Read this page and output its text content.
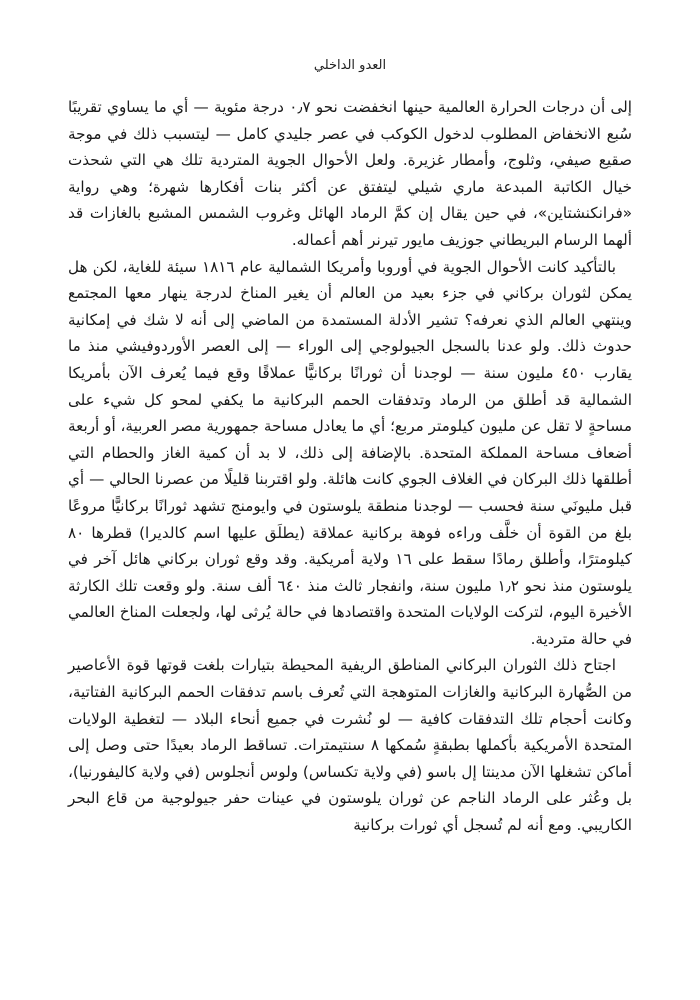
العدو الداخلي

إلى أن درجات الحرارة العالمية حينها انخفضت نحو ٠٫٧ درجة مئوية — أي ما يساوي تقريبًا سُبع الانخفاض المطلوب لدخول الكوكب في عصر جليدي كامل — ليتسبب ذلك في موجة صقيع صيفي، وثلوج، وأمطار غزيرة. ولعل الأحوال الجوية المتردية تلك هي التي شحذت خيال الكاتبة المبدعة ماري شيلي ليتفتق عن أكثر بنات أفكارها شهرة؛ وهي رواية «فرانكنشتاين»، في حين يقال إن كمَّ الرماد الهائل وغروب الشمس المشبع بالغازات قد ألهما الرسام البريطاني جوزيف مايور تيرنر أهم أعماله.

بالتأكيد كانت الأحوال الجوية في أوروبا وأمريكا الشمالية عام ١٨١٦ سيئة للغاية، لكن هل يمكن لثوران بركاني في جزء بعيد من العالم أن يغير المناخ لدرجة ينهار معها المجتمع وينتهي العالم الذي نعرفه؟ تشير الأدلة المستمدة من الماضي إلى أنه لا شك في إمكانية حدوث ذلك. ولو عدنا بالسجل الجيولوجي إلى الوراء — إلى العصر الأوردوفيشي منذ ما يقارب ٤٥٠ مليون سنة — لوجدنا أن ثورانًا بركانيًّا عملاقًا وقع فيما يُعرف الآن بأمريكا الشمالية قد أطلق من الرماد وتدفقات الحمم البركانية ما يكفي لمحو كل شيء على مساحةٍ لا تقل عن مليون كيلومتر مربع؛ أي ما يعادل مساحة جمهورية مصر العربية، أو أربعة أضعاف مساحة المملكة المتحدة. بالإضافة إلى ذلك، لا بد أن كمية الغاز والحطام التي أطلقها ذلك البركان في الغلاف الجوي كانت هائلة. ولو اقتربنا قليلًا من عصرنا الحالي — أي قبل مليونَي سنة فحسب — لوجدنا منطقة يلوستون في وايومنج تشهد ثورانًا بركانيًّا مروعًا بلغ من القوة أن خلَّف وراءه فوهة بركانية عملاقة (يطلَق عليها اسم كالديرا) قطرها ٨٠ كيلومترًا، وأطلق رمادًا سقط على ١٦ ولاية أمريكية. وقد وقع ثوران بركاني هائل آخر في يلوستون منذ نحو ١٫٢ مليون سنة، وانفجار ثالث منذ ٦٤٠ ألف سنة. ولو وقعت تلك الكارثة الأخيرة اليوم، لتركت الولايات المتحدة واقتصادها في حالة يُرثى لها، ولجعلت المناخ العالمي في حالة متردية.

اجتاح ذلك الثوران البركاني المناطق الريفية المحيطة بتيارات بلغت قوتها قوة الأعاصير من الصُّهارة البركانية والغازات المتوهجة التي تُعرف باسم تدفقات الحمم البركانية الفتاتية، وكانت أحجام تلك التدفقات كافية — لو نُشرت في جميع أنحاء البلاد — لتغطية الولايات المتحدة الأمريكية بأكملها بطبقةٍ سُمكها ٨ سنتيمترات. تساقط الرماد بعيدًا حتى وصل إلى أماكن تشغلها الآن مدينتا إل باسو (في ولاية تكساس) ولوس أنجلوس (في ولاية كاليفورنيا)، بل وعُثر على الرماد الناجم عن ثوران يلوستون في عينات حفر جيولوجية من قاع البحر الكاريبي. ومع أنه لم تُسجل أي ثورات بركانية
